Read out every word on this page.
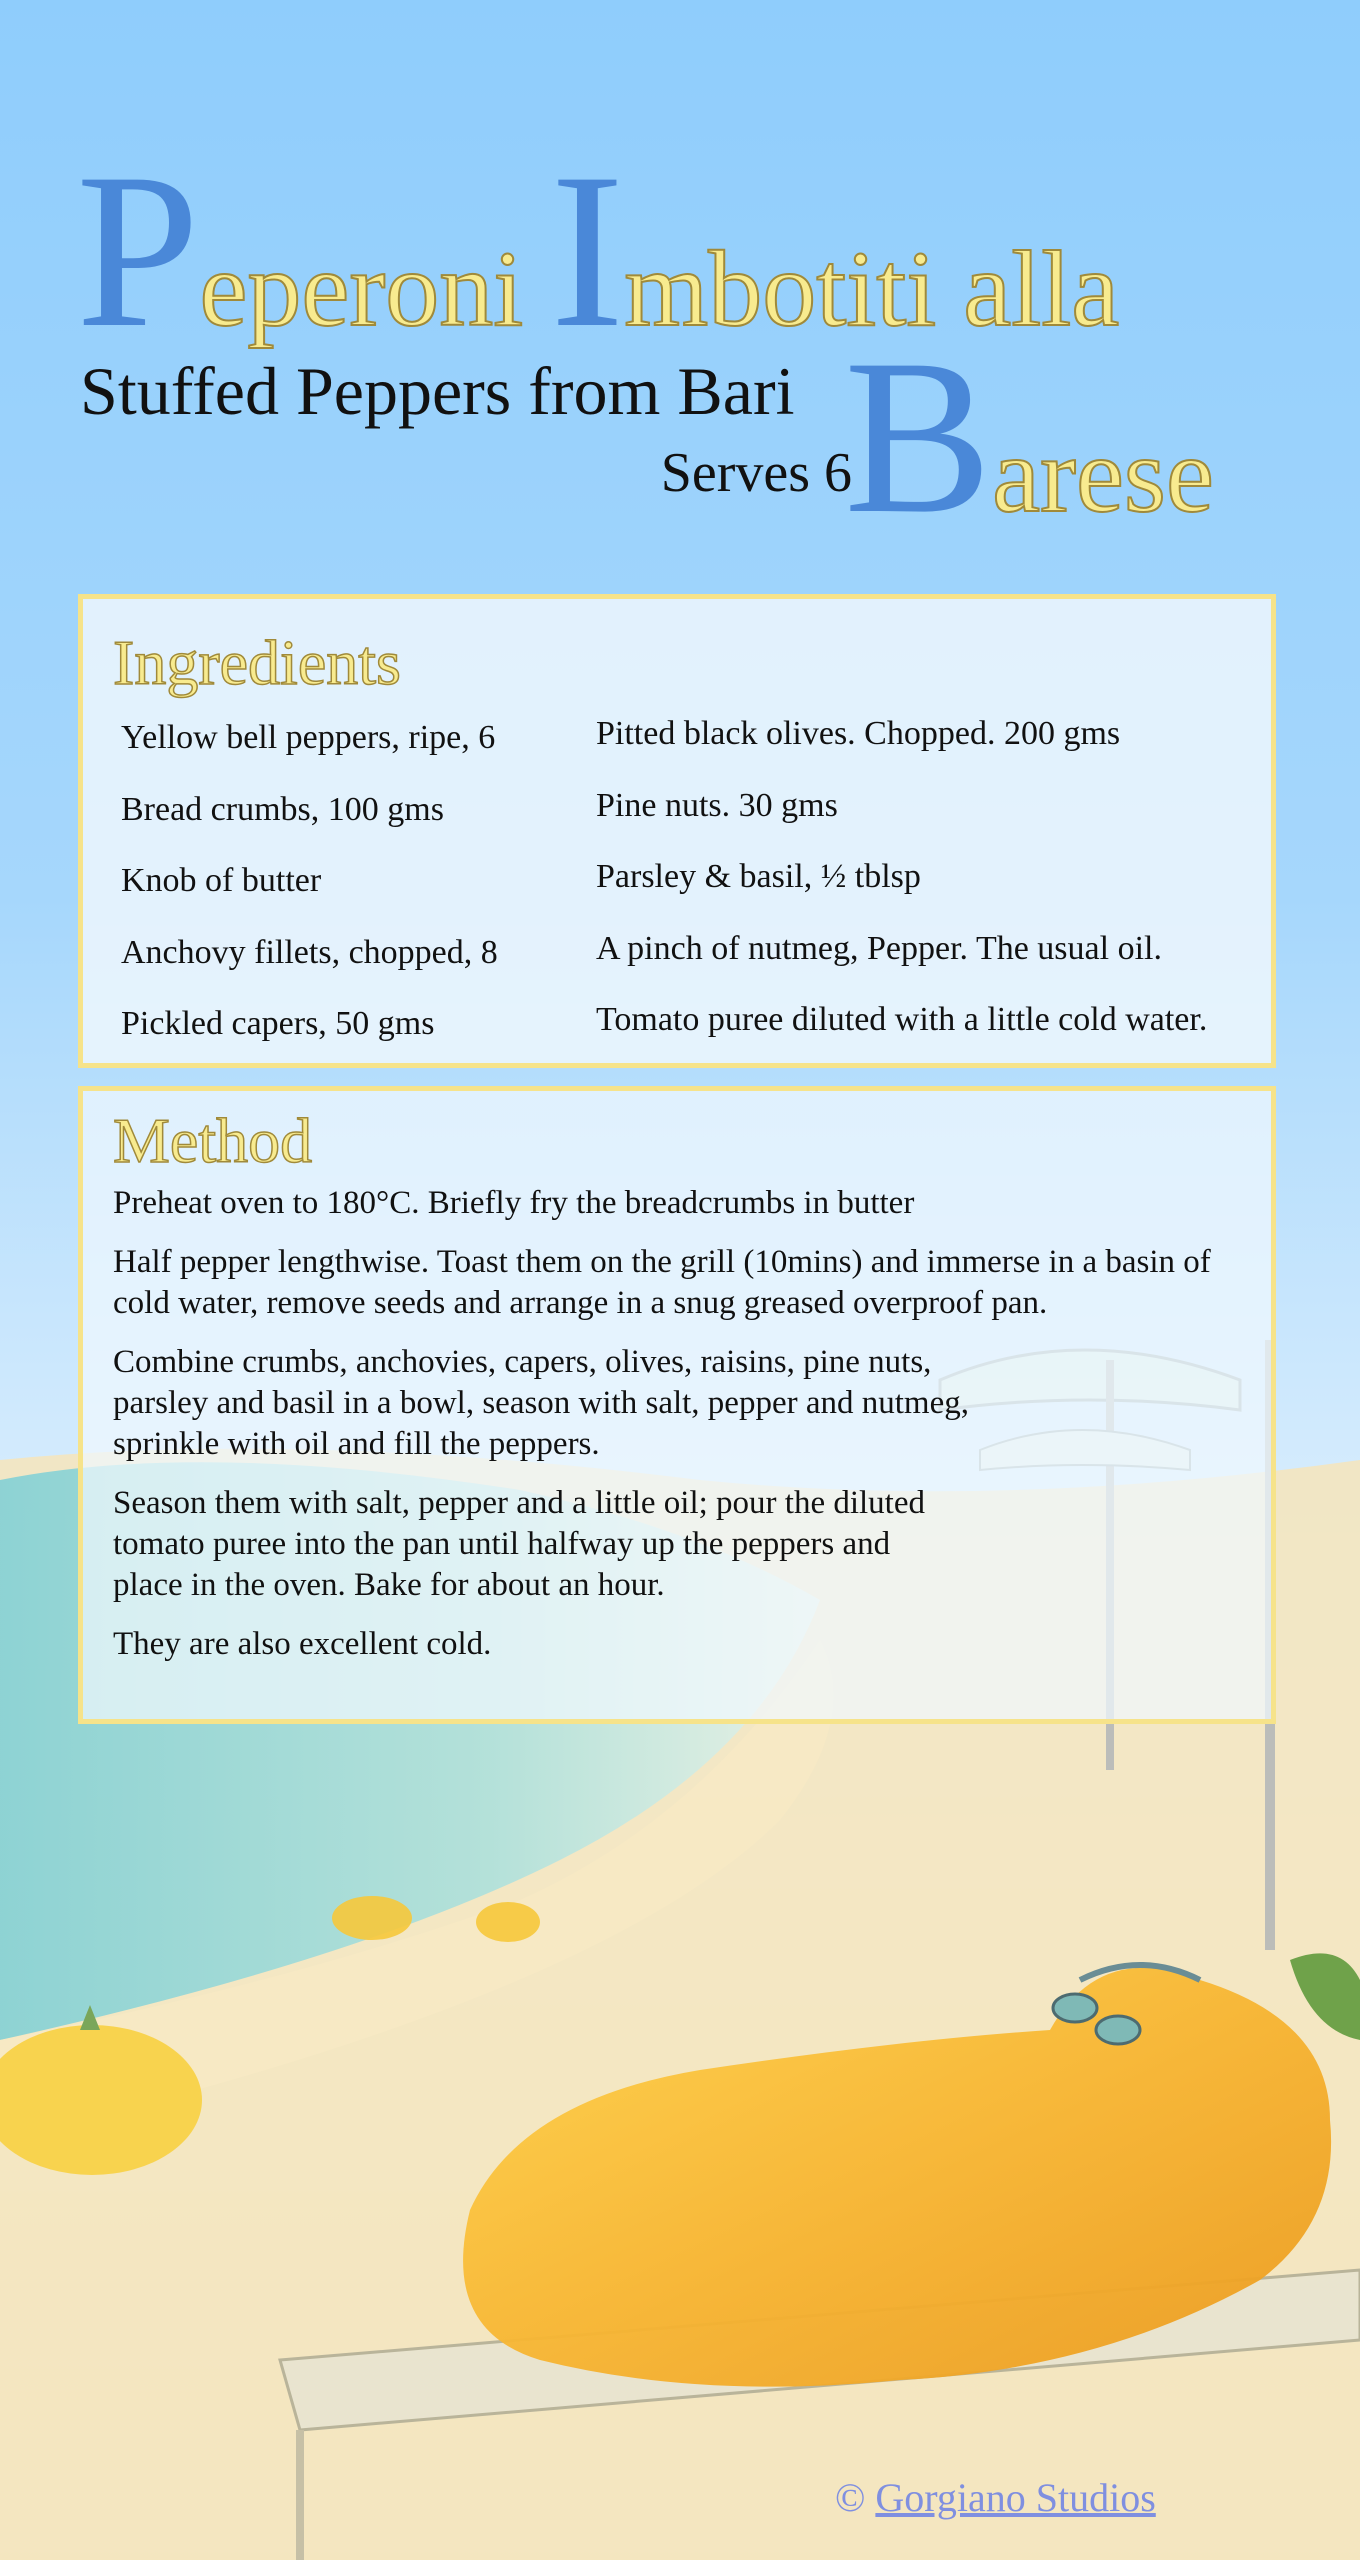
Peperoni Imbotiti alla
Barese
Stuffed Peppers from Bari
Serves 6
Ingredients
Yellow bell peppers, ripe, 6
Bread crumbs, 100 gms
Knob of butter
Anchovy fillets, chopped, 8
Pickled capers, 50 gms
Pitted black olives. Chopped. 200 gms
Pine nuts. 30 gms
Parsley & basil, ½ tblsp
A pinch of nutmeg, Pepper. The usual oil.
Tomato puree diluted with a little cold water.
Method

Preheat oven to 180°C. Briefly fry the breadcrumbs in butter

Half pepper lengthwise. Toast them on the grill (10mins) and immerse in a basin of cold water, remove seeds and arrange in a snug greased overproof pan.

Combine crumbs, anchovies, capers, olives, raisins, pine nuts, parsley and basil in a bowl, season with salt, pepper and nutmeg, sprinkle with oil and fill the peppers.

Season them with salt, pepper and a little oil; pour the diluted tomato puree into the pan until halfway up the peppers and place in the oven. Bake for about an hour.

They are also excellent cold.

© Gorgiano Studios
